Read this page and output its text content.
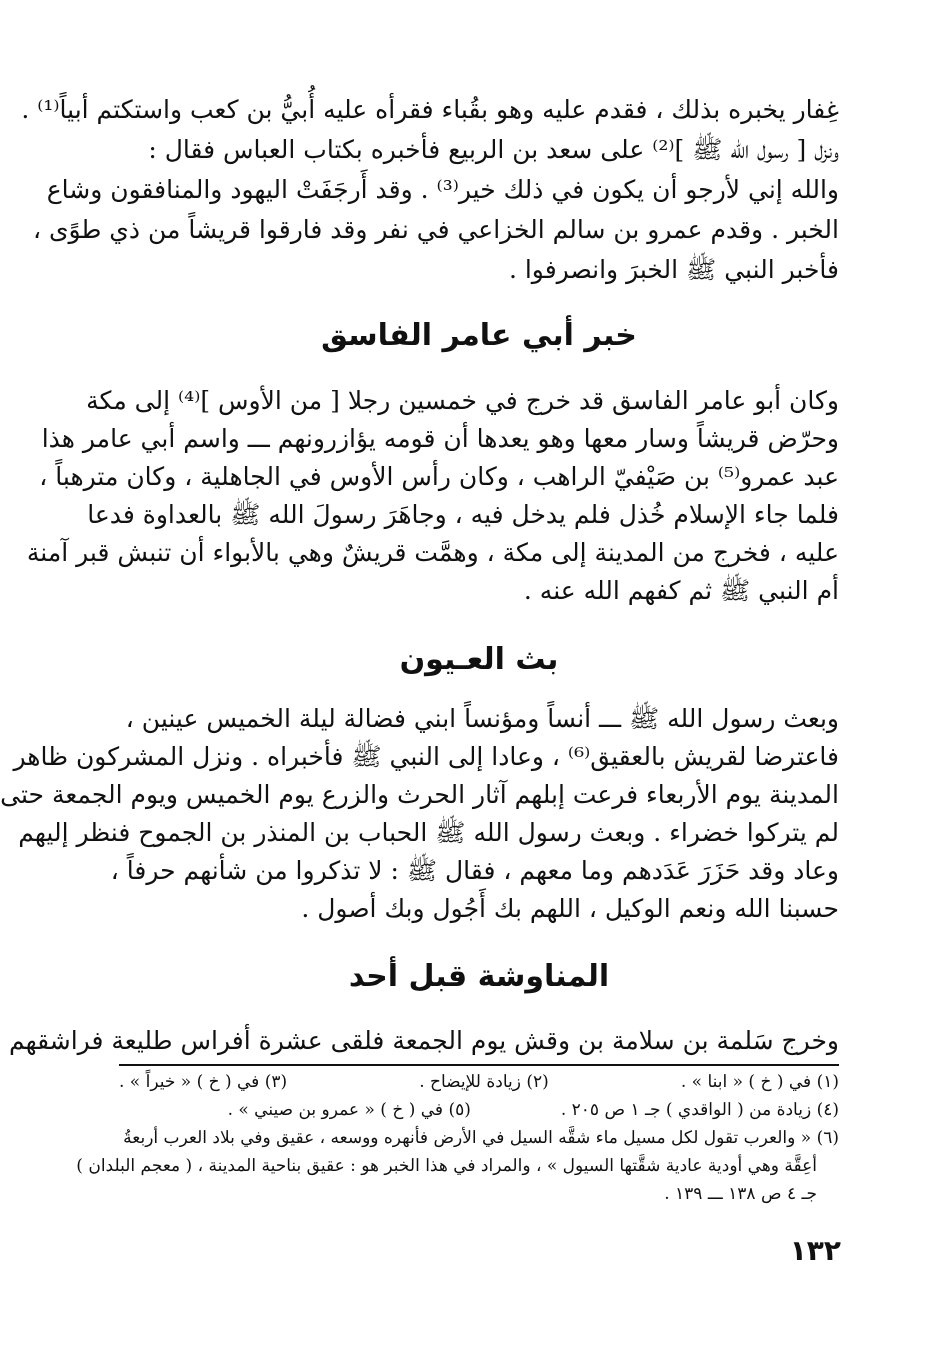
غِفار يخبره بذلك ، فقدم عليه وهو بقُباء فقرأه عليه أُبيُّ بن كعب واستكتم أبياً⁽¹⁾ .
ونزل [ رسول الله ﷺ ]⁽²⁾ على سعد بن الربيع فأخبره بكتاب العباس فقال :
والله إني لأرجو أن يكون في ذلك خير⁽³⁾ . وقد أَرجَفَتْ اليهود والمنافقون وشاع
الخبر . وقدم عمرو بن سالم الخزاعي في نفر وقد فارقوا قريشاً من ذي طوًى ،
فأخبر النبي ﷺ الخبرَ وانصرفوا .
خبر أبي عامر الفاسق
وكان أبو عامر الفاسق قد خرج في خمسين رجلا [ من الأوس ]⁽⁴⁾ إلى مكة
وحرّض قريشاً وسار معها وهو يعدها أن قومه يؤازرونهم ـــ واسم أبي عامر هذا
عبد عمرو⁽⁵⁾ بن صَيْفيّ الراهب ، وكان رأس الأوس في الجاهلية ، وكان مترهباً ،
فلما جاء الإسلام خُذل فلم يدخل فيه ، وجاهَرَ رسولَ الله ﷺ بالعداوة فدعا
عليه ، فخرج من المدينة إلى مكة ، وهمَّت قريشٌ وهي بالأبواء أن تنبش قبر آمنة
أم النبي ﷺ ثم كفهم الله عنه .
بث العـيون
وبعث رسول الله ﷺ ـــ أنساً ومؤنساً ابني فضالة ليلة الخميس عينين ،
فاعترضا لقريش بالعقيق⁽⁶⁾ ، وعادا إلى النبي ﷺ فأخبراه . ونزل المشركون ظاهر
المدينة يوم الأربعاء فرعت إبلهم آثار الحرث والزرع يوم الخميس ويوم الجمعة حتى
لم يتركوا خضراء . وبعث رسول الله ﷺ الحباب بن المنذر بن الجموح فنظر إليهم
وعاد وقد حَزَرَ عَدَدهم وما معهم ، فقال ﷺ : لا تذكروا من شأنهم حرفاً ،
حسبنا الله ونعم الوكيل ، اللهم بك أَجُول وبك أصول .
المناوشة قبل أحد
وخرج سَلمة بن سلامة بن وقش يوم الجمعة فلقى عشرة أفراس طليعة فراشقهم
(١) في ( خ ) « ابنا » .
(٢) زيادة للإيضاح .
(٣) في ( خ ) « خيراً » .
(٤) زيادة من ( الواقدي ) جـ ١ ص ٢٠٥ .
(٥) في ( خ ) « عمرو بن صيني » .
(٦) « والعرب تقول لكل مسيل ماء شقَّه السيل في الأرض فأنهره ووسعه ، عقيق وفي بلاد العرب أربعةُ
أعِقَّة وهي أودية عادية شقَّتها السيول » ، والمراد في هذا الخبر هو : عقيق بناحية المدينة ، ( معجم البلدان )
جـ ٤ ص ١٣٨ ـــ ١٣٩ .
١٣٢
